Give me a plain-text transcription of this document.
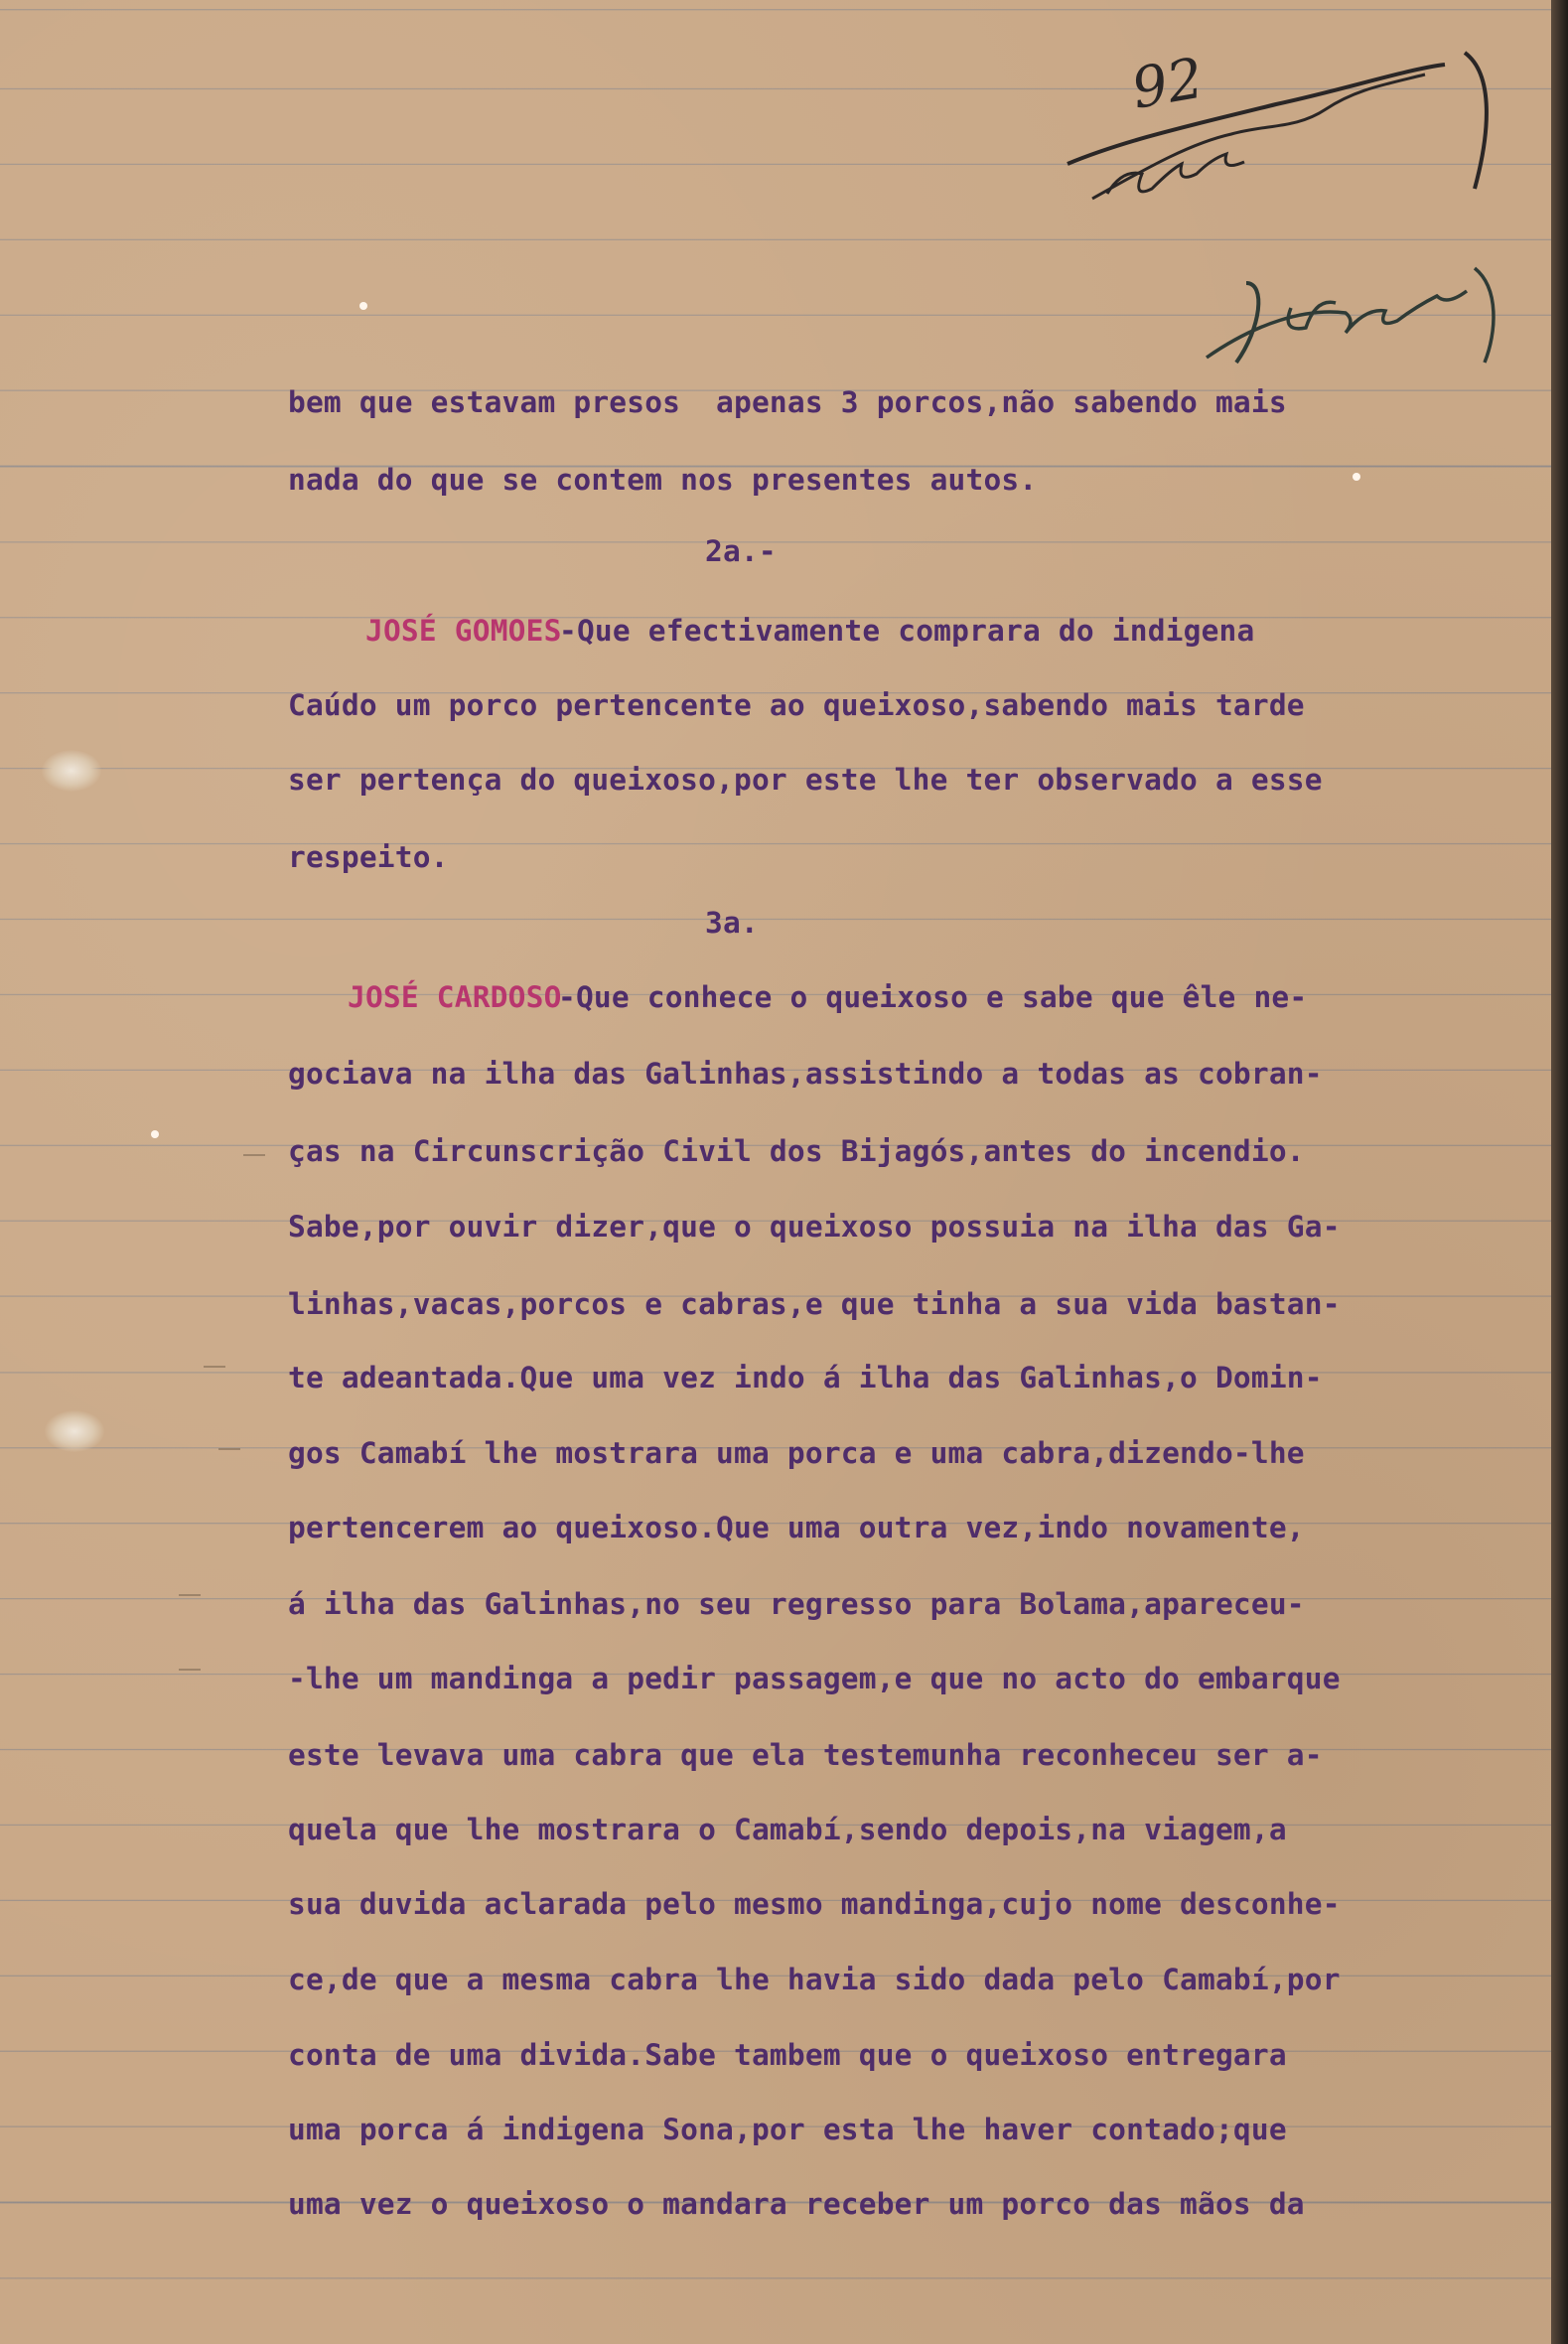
92
bem que estavam presos  apenas 3 porcos,não sabendo mais
nada do que se contem nos presentes autos.
2a.-

JOSÉ GOMOES

-Que efectivamente comprara do indigena

Caúdo um porco pertencente ao queixoso,sabendo mais tarde
ser pertença do queixoso,por este lhe ter observado a esse
respeito.
3a.

JOSÉ CARDOSO

-Que conhece o queixoso e sabe que êle ne-

gociava na ilha das Galinhas,assistindo a todas as cobran-
ças na Circunscrição Civil dos Bijagós,antes do incendio.
Sabe,por ouvir dizer,que o queixoso possuia na ilha das Ga-
linhas,vacas,porcos e cabras,e que tinha a sua vida bastan-
te adeantada.Que uma vez indo á ilha das Galinhas,o Domin-
gos Camabí lhe mostrara uma porca e uma cabra,dizendo-lhe
pertencerem ao queixoso.Que uma outra vez,indo novamente,
á ilha das Galinhas,no seu regresso para Bolama,apareceu-
-lhe um mandinga a pedir passagem,e que no acto do embarque
este levava uma cabra que ela testemunha reconheceu ser a-
quela que lhe mostrara o Camabí,sendo depois,na viagem,a
sua duvida aclarada pelo mesmo mandinga,cujo nome desconhe-
ce,de que a mesma cabra lhe havia sido dada pelo Camabí,por
conta de uma divida.Sabe tambem que o queixoso entregara
uma porca á indigena Sona,por esta lhe haver contado;que
uma vez o queixoso o mandara receber um porco das mãos da
